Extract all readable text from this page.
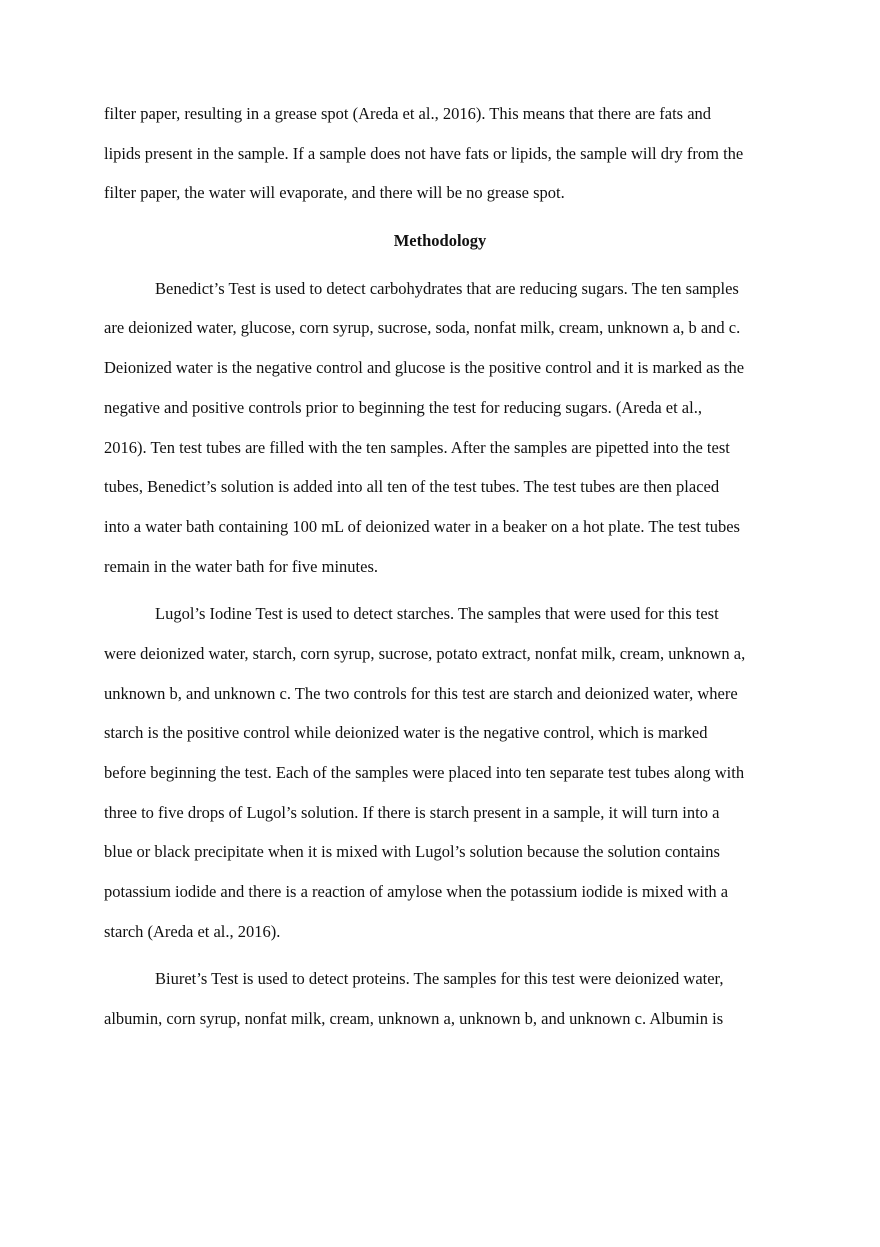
filter paper, resulting in a grease spot (Areda et al., 2016). This means that there are fats and
lipids present in the sample. If a sample does not have fats or lipids, the sample will dry from the
filter paper, the water will evaporate, and there will be no grease spot.
Methodology
Benedict’s Test is used to detect carbohydrates that are reducing sugars. The ten samples
are deionized water, glucose, corn syrup, sucrose, soda, nonfat milk, cream, unknown a, b and c.
Deionized water is the negative control and glucose is the positive control and it is marked as the
negative and positive controls prior to beginning the test for reducing sugars. (Areda et al.,
2016). Ten test tubes are filled with the ten samples. After the samples are pipetted into the test
tubes, Benedict’s solution is added into all ten of the test tubes. The test tubes are then placed
into a water bath containing 100 mL of deionized water in a beaker on a hot plate. The test tubes
remain in the water bath for five minutes.
Lugol’s Iodine Test is used to detect starches. The samples that were used for this test
were deionized water, starch, corn syrup, sucrose, potato extract, nonfat milk, cream, unknown a,
unknown b, and unknown c. The two controls for this test are starch and deionized water, where
starch is the positive control while deionized water is the negative control, which is marked
before beginning the test. Each of the samples were placed into ten separate test tubes along with
three to five drops of Lugol’s solution. If there is starch present in a sample, it will turn into a
blue or black precipitate when it is mixed with Lugol’s solution because the solution contains
potassium iodide and there is a reaction of amylose when the potassium iodide is mixed with a
starch (Areda et al., 2016).
Biuret’s Test is used to detect proteins. The samples for this test were deionized water,
albumin, corn syrup, nonfat milk, cream, unknown a, unknown b, and unknown c. Albumin is
